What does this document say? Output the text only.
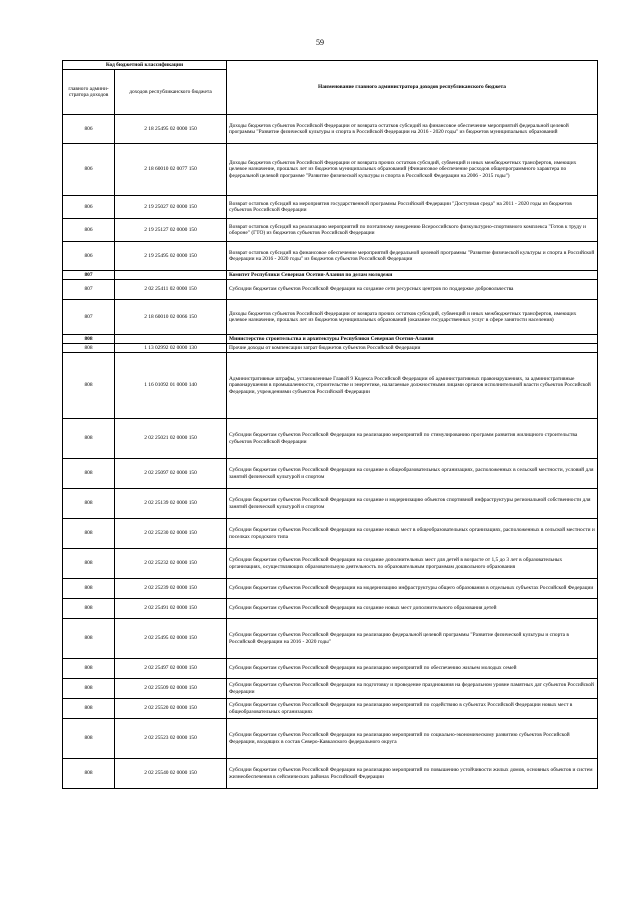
59
Код бюджетной классификации		Наименование главного администратора доходов республиканского бюджета
главного админи-стратора доходов	доходов республиканского бюджета	
806	2 18 25495 02 0000 150	Доходы бюджетов субъектов Российской Федерации от возврата остатков субсидий на финансовое обеспечение мероприятий федеральной целевой программы "Развитие физической культуры и спорта в Российской Федерации на 2016 - 2020 годы" из бюджетов муниципальных образований
806	2 18 60010 02 0077 150	Доходы бюджетов субъектов Российской Федерации от возврата прочих остатков субсидий, субвенций и иных межбюджетных трансфертов, имеющих целевое назначение, прошлых лет из бюджетов муниципальных образований (Финансовое обеспечение расходов общепрограммного характера по федеральной целевой программе "Развитие физической культуры и спорта в Российской Федерации на 2006 - 2015 годы")
806	2 19 25027 02 0000 150	Возврат остатков субсидий на мероприятия государственной программы Российской Федерации "Доступная среда" на 2011 - 2020 годы из бюджетов субъектов Российской Федерации
806	2 19 25127 02 0000 150	Возврат остатков субсидий на реализацию мероприятий по поэтапному внедрению Всероссийского физкультурно-спортивного комплекса "Готов к труду и обороне" (ГТО) из бюджетов субъектов Российской Федерации
806	2 19 25495 02 0000 150	Возврат остатков субсидий на финансовое обеспечение мероприятий федеральной целевой программы "Развитие физической культуры и спорта в Российской Федерации на 2016 - 2020 годы" из бюджетов субъектов Российской Федерации
807		Комитет Республики Северная Осетия-Алания по делам молодежи
807	2 02 25411 02 0000 150	Субсидии бюджетам субъектов Российской Федерации на создание сети ресурсных центров по поддержке добровольчества
807	2 18 60010 02 0066 150	Доходы бюджетов субъектов Российской Федерации от возврата прочих остатков субсидий, субвенций и иных межбюджетных трансфертов, имеющих целевое назначение, прошлых лет из бюджетов муниципальных образований (оказание государственных услуг в сфере занятости населения)
808		Министерство строительства и архитектуры Республики Северная Осетия-Алания
808	1 13 02992 02 0000 130	Прочие доходы от компенсации затрат бюджетов субъектов Российской Федерации
808	1 16 01092 01 0000 140	Административные штрафы, установленные Главой 9 Кодекса Российской Федерации об административных правонарушениях, за административные правонарушения в промышленности, строительстве и энергетике, налагаемые должностными лицами органов исполнительной власти субъектов Российской Федерации, учреждениями субъектов Российской Федерации
808	2 02 25021 02 0000 150	Субсидии бюджетам субъектов Российской Федерации на реализацию мероприятий по стимулированию программ развития жилищного строительства субъектов Российской Федерации
808	2 02 25097 02 0000 150	Субсидии бюджетам субъектов Российской Федерации на создание в общеобразовательных организациях, расположенных в сельской местности, условий для занятий физической культурой и спортом
808	2 02 25139 02 0000 150	Субсидии бюджетам субъектов Российской Федерации на создание и модернизацию объектов спортивной инфраструктуры региональной собственности для занятий физической культурой и спортом
808	2 02 25230 02 0000 150	Субсидии бюджетам субъектов Российской Федерации на создание новых мест в общеобразовательных организациях, расположенных в сельской местности и поселках городского типа
808	2 02 25232 02 0000 150	Субсидии бюджетам субъектов Российской Федерации на создание дополнительных мест для детей в возрасте от 1,5 до 3 лет в образовательных организациях, осуществляющих образовательную деятельность по образовательным программам дошкольного образования
808	2 02 25239 02 0000 150	Субсидии бюджетам субъектов Российской Федерации на модернизацию инфраструктуры общего образования в отдельных субъектах Российской Федерации
808	2 02 25491 02 0000 150	Субсидии бюджетам субъектов Российской Федерации на создание новых мест дополнительного образования детей
808	2 02 25495 02 0000 150	Субсидии бюджетам субъектов Российской Федерации на реализацию федеральной целевой программы "Развитие физической культуры и спорта в Российской Федерации на 2016 - 2020 годы"
808	2 02 25497 02 0000 150	Субсидии бюджетам субъектов Российской Федерации на реализацию мероприятий по обеспечению жильем молодых семей
808	2 02 25509 02 0000 150	Субсидии бюджетам субъектов Российской Федерации на подготовку и проведение празднования на федеральном уровне памятных дат субъектов Российской Федерации
808	2 02 25520 02 0000 150	Субсидии бюджетам субъектов Российской Федерации на реализацию мероприятий по содействию в субъектах Российской Федерации новых мест в общеобразовательных организациях
808	2 02 25523 02 0000 150	Субсидии бюджетам субъектов Российской Федерации на реализацию мероприятий по социально-экономическому развитию субъектов Российской Федерации, входящих в состав Северо-Кавказского федерального округа
808	2 02 25540 02 0000 150	Субсидии бюджетам субъектов Российской Федерации на реализацию мероприятий по повышению устойчивости жилых домов, основных объектов и систем жизнеобеспечения в сейсмических районах Российской Федерации
